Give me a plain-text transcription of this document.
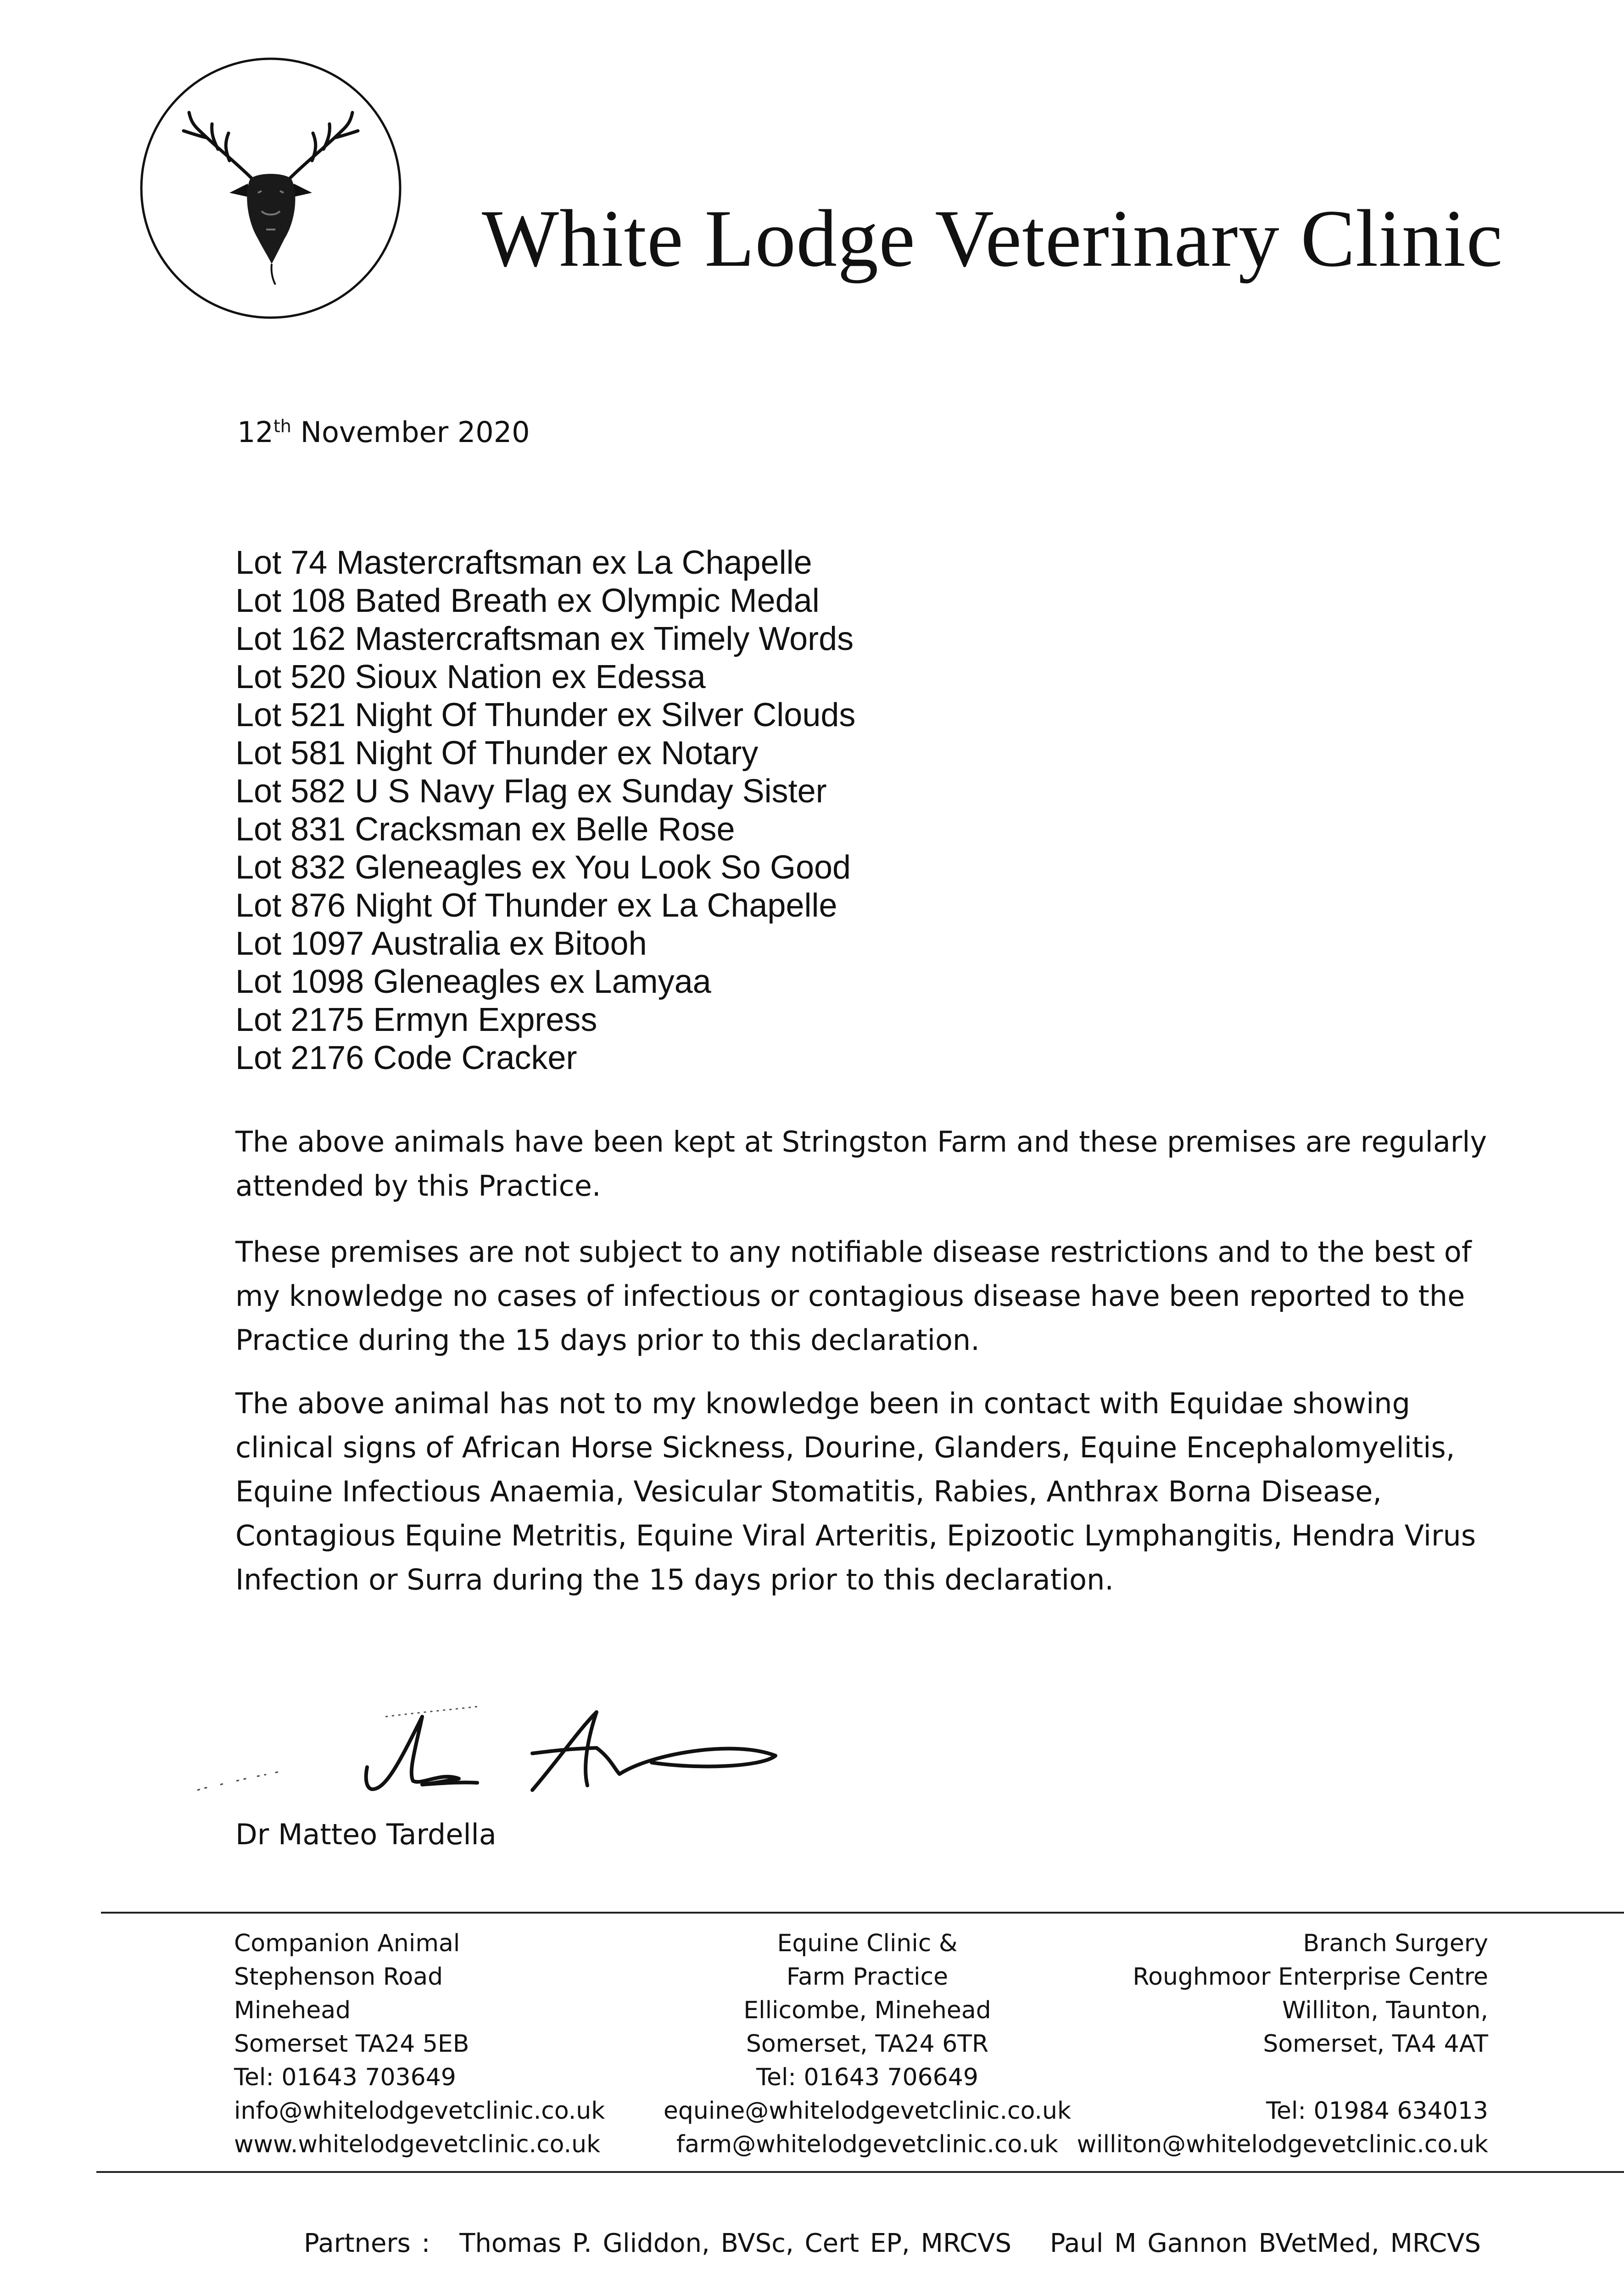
White Lodge Veterinary Clinic
12th November 2020
Lot 74 Mastercraftsman ex La Chapelle
Lot 108 Bated Breath ex Olympic Medal
Lot 162 Mastercraftsman ex Timely Words
Lot 520 Sioux Nation ex Edessa
Lot 521 Night Of Thunder ex Silver Clouds
Lot 581 Night Of Thunder ex Notary
Lot 582 U S Navy Flag ex Sunday Sister
Lot 831 Cracksman ex Belle Rose
Lot 832 Gleneagles ex You Look So Good
Lot 876 Night Of Thunder ex La Chapelle
Lot 1097 Australia ex Bitooh
Lot 1098 Gleneagles ex Lamyaa
Lot 2175 Ermyn Express
Lot 2176 Code Cracker

The above animals have been kept at Stringston Farm and these premises are regularly attended by this Practice.

These premises are not subject to any notifiable disease restrictions and to the best of my knowledge no cases of infectious or contagious disease have been reported to the Practice during the 15 days prior to this declaration.

The above animal has not to my knowledge been in contact with Equidae showing clinical signs of African Horse Sickness, Dourine, Glanders, Equine Encephalomyelitis, Equine Infectious Anaemia, Vesicular Stomatitis, Rabies, Anthrax Borna Disease, Contagious Equine Metritis, Equine Viral Arteritis, Epizootic Lymphangitis, Hendra Virus Infection or Surra during the 15 days prior to this declaration.

Dr Matteo Tardella
Companion Animal
Stephenson Road
Minehead
Somerset TA24 5EB
Tel: 01643 703649
info@whitelodgevetclinic.co.uk
www.whitelodgevetclinic.co.uk
Equine Clinic &
Farm Practice
Ellicombe, Minehead
Somerset, TA24 6TR
Tel: 01643 706649
equine@whitelodgevetclinic.co.uk
farm@whitelodgevetclinic.co.uk
Branch Surgery
Roughmoor Enterprise Centre
Williton, Taunton,
Somerset, TA4 4AT
Tel: 01984 634013
williton@whitelodgevetclinic.co.uk
Partners : Thomas P. Gliddon, BVSc, Cert EP, MRCVS Paul M Gannon BVetMed, MRCVS
